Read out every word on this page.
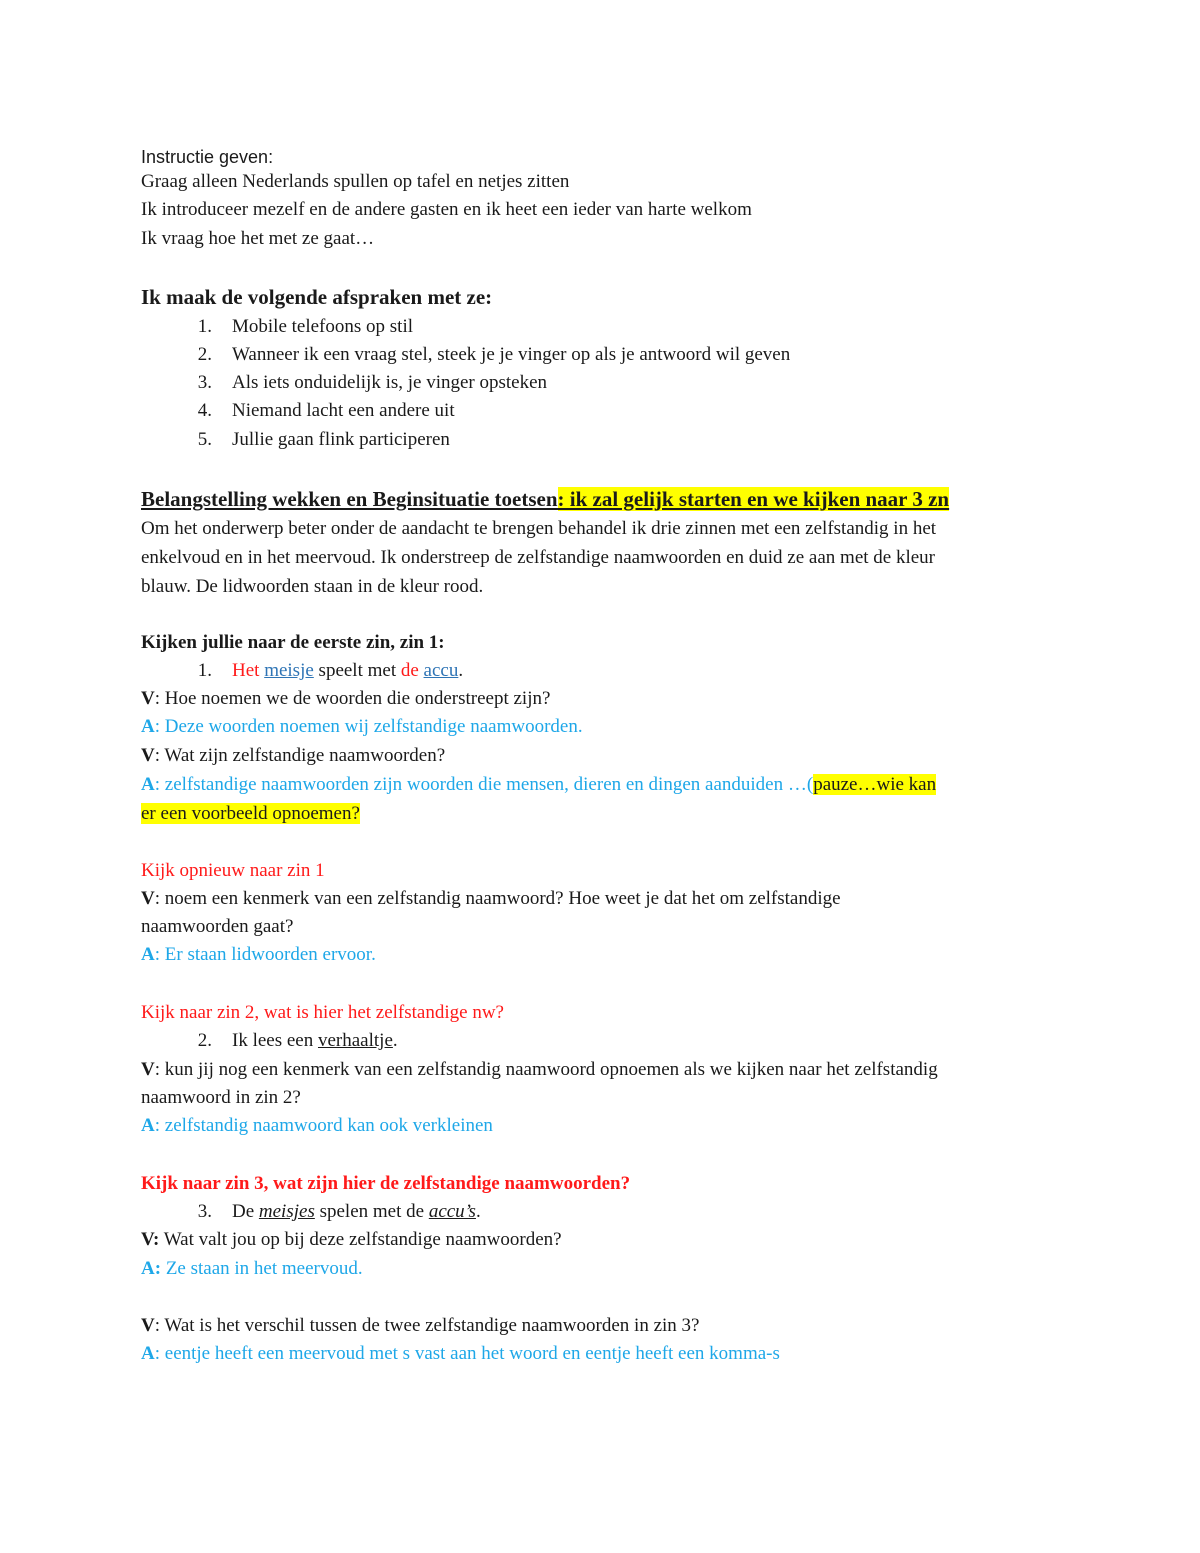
Instructie geven:
Graag alleen Nederlands spullen op tafel en netjes zitten
Ik introduceer mezelf en de andere gasten en ik heet een ieder van harte welkom
Ik vraag hoe het met ze gaat…
Ik maak de volgende afspraken met ze:
1. Mobile telefoons op stil
2. Wanneer ik een vraag stel, steek je je vinger op als je antwoord wil geven
3. Als iets onduidelijk is, je vinger opsteken
4. Niemand lacht een andere uit
5. Jullie gaan flink participeren
Belangstelling wekken en Beginsituatie toetsen: ik zal gelijk starten en we kijken naar 3 zn
Om het onderwerp beter onder de aandacht te brengen behandel ik drie zinnen met een zelfstandig in het
enkelvoud en in het meervoud. Ik onderstreep de zelfstandige naamwoorden en duid ze aan met de kleur
blauw. De lidwoorden staan in de kleur rood.
Kijken jullie naar de eerste zin, zin 1:
1. Het meisje speelt met de accu.
V: Hoe noemen we de woorden die onderstreept zijn?
A: Deze woorden noemen wij zelfstandige naamwoorden.
V: Wat zijn zelfstandige naamwoorden?
A: zelfstandige naamwoorden zijn woorden die mensen, dieren en dingen aanduiden …(pauze…wie kan
er een voorbeeld opnoemen?
Kijk opnieuw naar zin 1
V: noem een kenmerk van een zelfstandig naamwoord? Hoe weet je dat het om zelfstandige
naamwoorden gaat?
A: Er staan lidwoorden ervoor.
Kijk naar zin 2, wat is hier het zelfstandige nw?
2. Ik lees een verhaaltje.
V: kun jij nog een kenmerk van een zelfstandig naamwoord opnoemen als we kijken naar het zelfstandig
naamwoord in zin 2?
A: zelfstandig naamwoord kan ook verkleinen
Kijk naar zin 3, wat zijn hier de zelfstandige naamwoorden?
3. De meisjes spelen met de accu’s.
V: Wat valt jou op bij deze zelfstandige naamwoorden?
A: Ze staan in het meervoud.
V: Wat is het verschil tussen de twee zelfstandige naamwoorden in zin 3?
A: eentje heeft een meervoud met s vast aan het woord en eentje heeft een komma-s
